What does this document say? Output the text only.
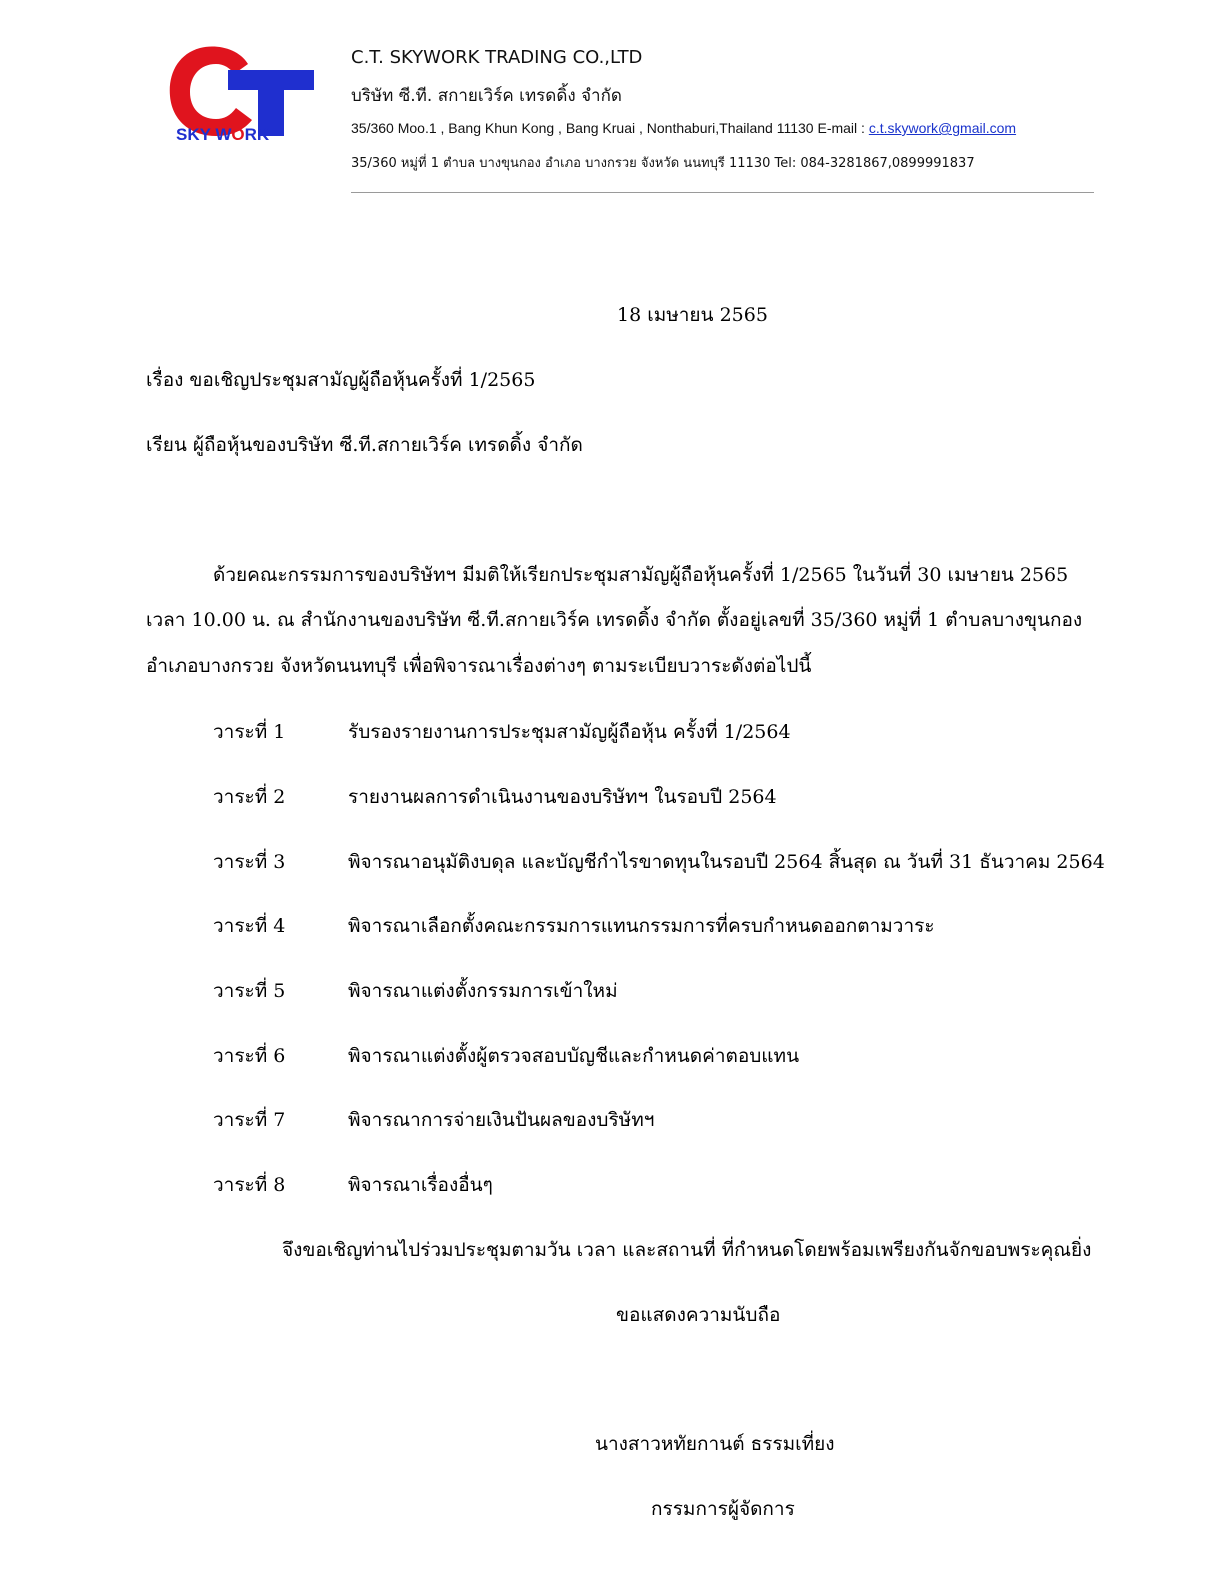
SKY WORK
C.T. SKYWORK TRADING CO.,LTD
บริษัท ซี.ที. สกายเวิร์ค เทรดดิ้ง จำกัด
35/360 Moo.1 , Bang Khun Kong , Bang Kruai , Nonthaburi,Thailand 11130 E-mail : c.t.skywork@gmail.com
35/360 หมู่ที่ 1 ตำบล บางขุนกอง อำเภอ บางกรวย จังหวัด นนทบุรี 11130 Tel: 084-3281867,0899991837
18 เมษายน 2565
เรื่อง ขอเชิญประชุมสามัญผู้ถือหุ้นครั้งที่ 1/2565
เรียน ผู้ถือหุ้นของบริษัท ซี.ที.สกายเวิร์ค เทรดดิ้ง จำกัด
ด้วยคณะกรรมการของบริษัทฯ มีมติให้เรียกประชุมสามัญผู้ถือหุ้นครั้งที่ 1/2565 ในวันที่ 30 เมษายน 2565
เวลา 10.00 น. ณ สำนักงานของบริษัท ซี.ที.สกายเวิร์ค เทรดดิ้ง จำกัด ตั้งอยู่เลขที่ 35/360 หมู่ที่ 1 ตำบลบางขุนกอง
อำเภอบางกรวย จังหวัดนนทบุรี เพื่อพิจารณาเรื่องต่างๆ ตามระเบียบวาระดังต่อไปนี้
วาระที่ 1	รับรองรายงานการประชุมสามัญผู้ถือหุ้น ครั้งที่ 1/2564
วาระที่ 2	รายงานผลการดำเนินงานของบริษัทฯ ในรอบปี 2564
วาระที่ 3	พิจารณาอนุมัติงบดุล และบัญชีกำไรขาดทุนในรอบปี 2564 สิ้นสุด ณ วันที่ 31 ธันวาคม 2564
วาระที่ 4	พิจารณาเลือกตั้งคณะกรรมการแทนกรรมการที่ครบกำหนดออกตามวาระ
วาระที่ 5	พิจารณาแต่งตั้งกรรมการเข้าใหม่
วาระที่ 6	พิจารณาแต่งตั้งผู้ตรวจสอบบัญชีและกำหนดค่าตอบแทน
วาระที่ 7	พิจารณาการจ่ายเงินปันผลของบริษัทฯ
วาระที่ 8	พิจารณาเรื่องอื่นๆ
จึงขอเชิญท่านไปร่วมประชุมตามวัน เวลา และสถานที่ ที่กำหนดโดยพร้อมเพรียงกันจักขอบพระคุณยิ่ง
ขอแสดงความนับถือ
นางสาวหทัยกานต์ ธรรมเที่ยง
กรรมการผู้จัดการ
